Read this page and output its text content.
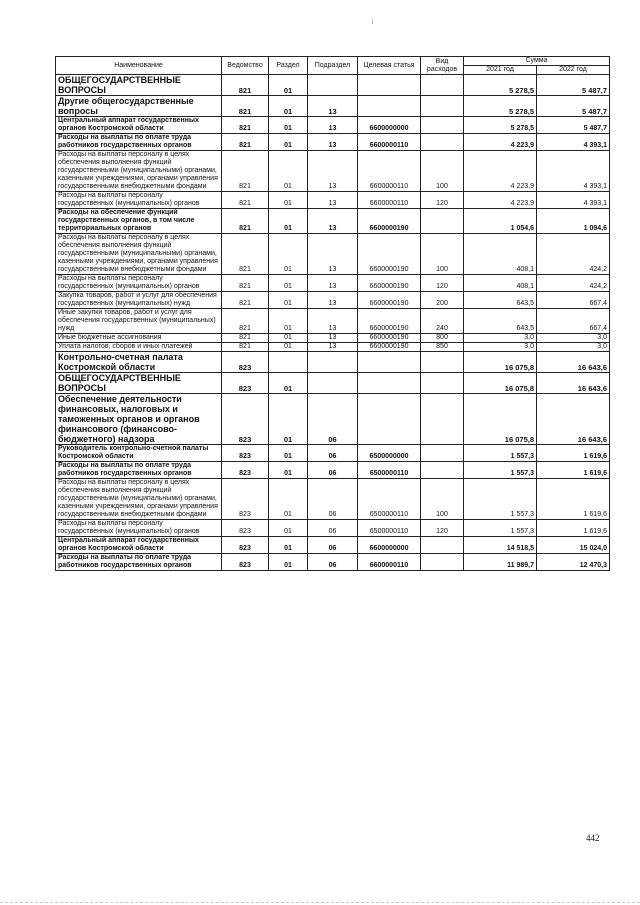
Наименование	Ведомство	Раздел	Подраздел	Целевая статья	Вид расходов	Сумма	
						2021 год	2022 год
ОБЩЕГОСУДАРСТВЕННЫЕ ВОПРОСЫ	821	01				5 278,5	5 487,7
Другие общегосударственные вопросы	821	01	13			5 278,5	5 487,7
Центральный аппарат государственных органов Костромской области	821	01	13	6600000000		5 278,5	5 487,7
Расходы на выплаты по оплате труда работников государственных органов	821	01	13	6600000110		4 223,9	4 393,1
Расходы на выплаты персоналу в целях обеспечения выполнения функций государственными (муниципальными) органами, казенными учреждениями, органами управления государственными внебюджетными фондами	821	01	13	6600000110	100	4 223,9	4 393,1
Расходы на выплаты персоналу государственных (муниципальных) органов	821	01	13	6600000110	120	4 223,9	4 393,1
Расходы на обеспечение функций государственных органов, в том числе территориальных органов	821	01	13	6600000190		1 054,6	1 094,6
Расходы на выплаты персоналу в целях обеспечения выполнения функций государственными (муниципальными) органами, казенными учреждениями, органами управления государственными внебюджетными фондами	821	01	13	6600000190	100	408,1	424,2
Расходы на выплаты персоналу государственных (муниципальных) органов	821	01	13	6600000190	120	408,1	424,2
Закупка товаров, работ и услуг для обеспечения государственных (муниципальных) нужд	821	01	13	6600000190	200	643,5	667,4
Иные закупки товаров, работ и услуг для обеспечения государственных (муниципальных) нужд	821	01	13	6600000190	240	643,5	667,4
Иные бюджетные ассигнования	821	01	13	6600000190	800	3,0	3,0
Уплата налогов, сборов и иных платежей	821	01	13	6600000190	850	3,0	3,0
Контрольно-счетная палата Костромской области	823					16 075,8	16 643,6
ОБЩЕГОСУДАРСТВЕННЫЕ ВОПРОСЫ	823	01				16 075,8	16 643,6
Обеспечение деятельности финансовых, налоговых и таможенных органов и органов финансового (финансово-бюджетного) надзора	823	01	06			16 075,8	16 643,6
Руководитель контрольно-счетной палаты Костромской области	823	01	06	6500000000		1 557,3	1 619,6
Расходы на выплаты по оплате труда работников государственных органов	823	01	06	6500000110		1 557,3	1 619,6
Расходы на выплаты персоналу в целях обеспечения выполнения функций государственными (муниципальными) органами, казенными учреждениями, органами управления государственными внебюджетными фондами	823	01	06	6500000110	100	1 557,3	1 619,6
Расходы на выплаты персоналу государственных (муниципальных) органов	823	01	06	6500000110	120	1 557,3	1 619,6
Центральный аппарат государственных органов Костромской области	823	01	06	6600000000		14 518,5	15 024,0
Расходы на выплаты по оплате труда работников государственных органов	823	01	06	6600000110		11 989,7	12 470,3
442
